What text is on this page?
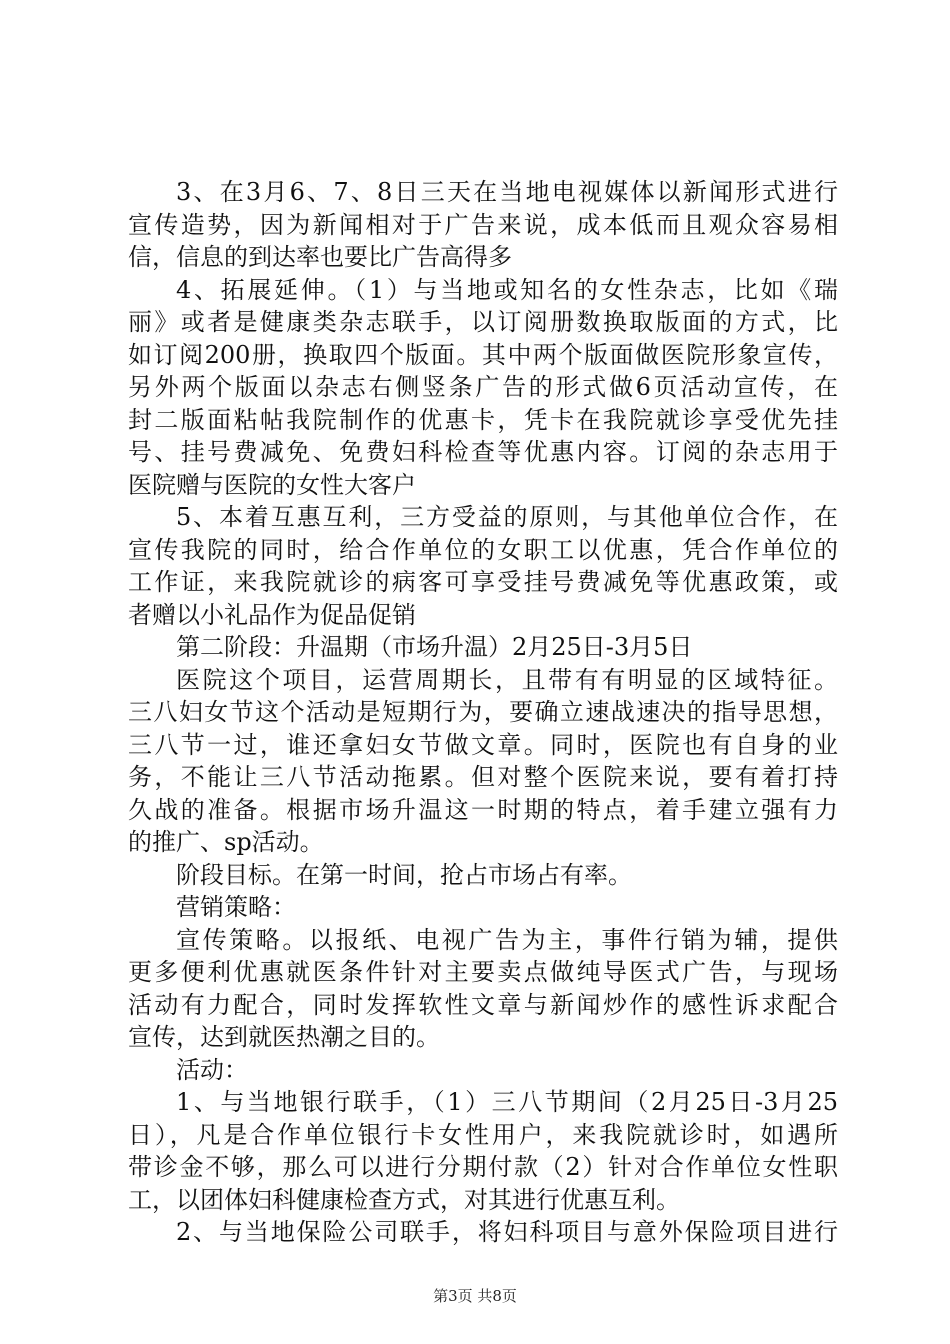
3、在3月6、7、8日三天在当地电视媒体以新闻形式进行
宣传造势，因为新闻相对于广告来说，成本低而且观众容易相
信，信息的到达率也要比广告高得多
4、拓展延伸。（1）与当地或知名的女性杂志，比如《瑞
丽》或者是健康类杂志联手，以订阅册数换取版面的方式，比
如订阅200册，换取四个版面。其中两个版面做医院形象宣传，
另外两个版面以杂志右侧竖条广告的形式做6页活动宣传，在
封二版面粘帖我院制作的优惠卡，凭卡在我院就诊享受优先挂
号、挂号费减免、免费妇科检查等优惠内容。订阅的杂志用于
医院赠与医院的女性大客户
5、本着互惠互利，三方受益的原则，与其他单位合作，在
宣传我院的同时，给合作单位的女职工以优惠，凭合作单位的
工作证，来我院就诊的病客可享受挂号费减免等优惠政策，或
者赠以小礼品作为促品促销
第二阶段：升温期（市场升温）2月25日-3月5日
医院这个项目，运营周期长，且带有有明显的区域特征。
三八妇女节这个活动是短期行为，要确立速战速决的指导思想，
三八节一过，谁还拿妇女节做文章。同时，医院也有自身的业
务，不能让三八节活动拖累。但对整个医院来说，要有着打持
久战的准备。根据市场升温这一时期的特点，着手建立强有力
的推广、sp活动。
阶段目标。在第一时间，抢占市场占有率。
营销策略：
宣传策略。以报纸、电视广告为主，事件行销为辅，提供
更多便利优惠就医条件针对主要卖点做纯导医式广告，与现场
活动有力配合，同时发挥软性文章与新闻炒作的感性诉求配合
宣传，达到就医热潮之目的。
活动：
1、与当地银行联手，（1）三八节期间（2月25日-3月25
日），凡是合作单位银行卡女性用户，来我院就诊时，如遇所
带诊金不够，那么可以进行分期付款（2）针对合作单位女性职
工，以团体妇科健康检查方式，对其进行优惠互利。
2、与当地保险公司联手，将妇科项目与意外保险项目进行
第3页 共8页
